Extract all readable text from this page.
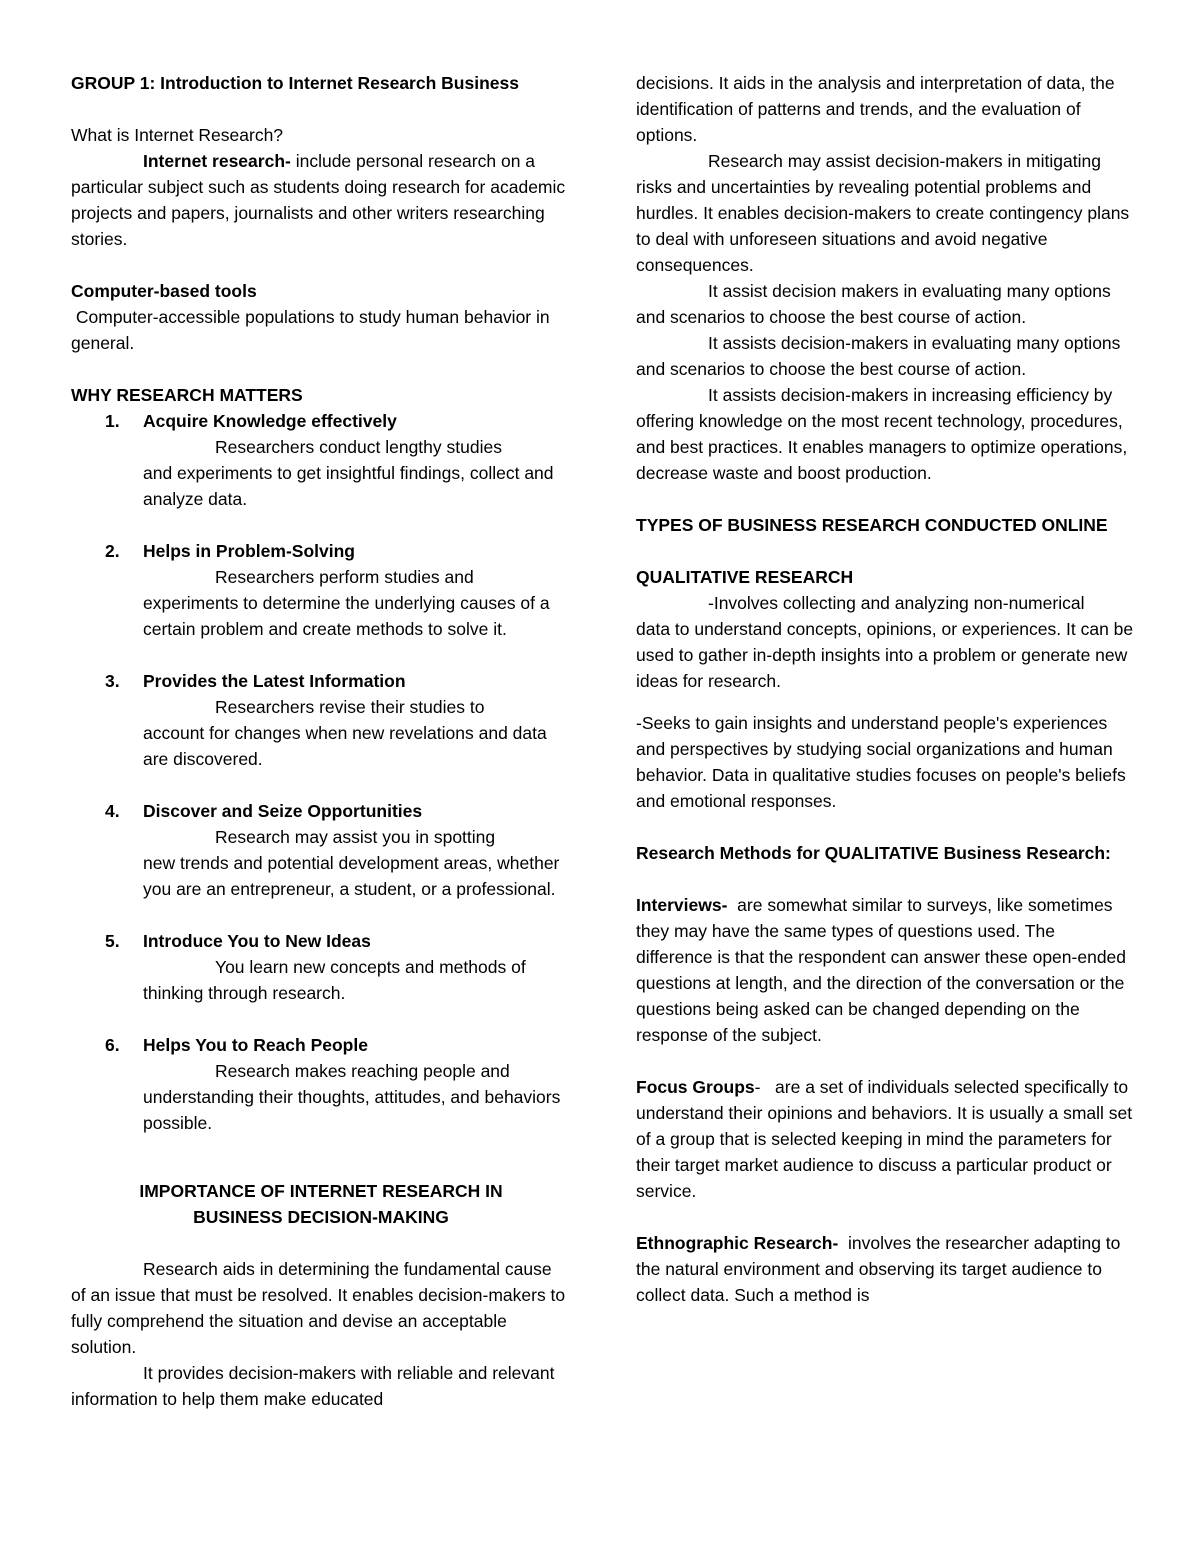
GROUP 1: Introduction to Internet Research Business

What is Internet Research?

Internet research- include personal research on a particular subject such as students doing research for academic projects and papers, journalists and other writers researching stories.

Computer-based tools

Computer-accessible populations to study human behavior in general.

WHY RESEARCH MATTERS

1. Acquire Knowledge effectively

Researchers conduct lengthy studies

and experiments to get insightful findings, collect and analyze data.

2. Helps in Problem-Solving

Researchers perform studies and

experiments to determine the underlying causes of a certain problem and create methods to solve it.

3. Provides the Latest Information

Researchers revise their studies to

account for changes when new revelations and data are discovered.

4. Discover and Seize Opportunities

Research may assist you in spotting

new trends and potential development areas, whether you are an entrepreneur, a student, or a professional.

5. Introduce You to New Ideas

You learn new concepts and methods of

thinking through research.

6. Helps You to Reach People

Research makes reaching people and

understanding their thoughts, attitudes, and behaviors possible.

IMPORTANCE OF INTERNET RESEARCH IN BUSINESS DECISION-MAKING

Research aids in determining the fundamental cause of an issue that must be resolved. It enables decision-makers to fully comprehend the situation and devise an acceptable solution.

It provides decision-makers with reliable and relevant information to help them make educated

decisions. It aids in the analysis and interpretation of data, the identification of patterns and trends, and the evaluation of options.

Research may assist decision-makers in mitigating risks and uncertainties by revealing potential problems and hurdles. It enables decision-makers to create contingency plans to deal with unforeseen situations and avoid negative consequences.

It assist decision makers in evaluating many options and scenarios to choose the best course of action.

It assists decision-makers in evaluating many options and scenarios to choose the best course of action.

It assists decision-makers in increasing efficiency by offering knowledge on the most recent technology, procedures, and best practices. It enables managers to optimize operations, decrease waste and boost production.

TYPES OF BUSINESS RESEARCH CONDUCTED ONLINE

QUALITATIVE RESEARCH

-Involves collecting and analyzing non-numerical

data to understand concepts, opinions, or experiences. It can be used to gather in-depth insights into a problem or generate new ideas for research.

-Seeks to gain insights and understand people's experiences and perspectives by studying social organizations and human behavior. Data in qualitative studies focuses on people's beliefs and emotional responses.

Research Methods for QUALITATIVE Business Research:

Interviews-  are somewhat similar to surveys, like sometimes they may have the same types of questions used. The difference is that the respondent can answer these open-ended questions at length, and the direction of the conversation or the questions being asked can be changed depending on the response of the subject.

Focus Groups-   are a set of individuals selected specifically to understand their opinions and behaviors. It is usually a small set of a group that is selected keeping in mind the parameters for their target market audience to discuss a particular product or service.

Ethnographic Research-  involves the researcher adapting to the natural environment and observing its target audience to collect data. Such a method is
